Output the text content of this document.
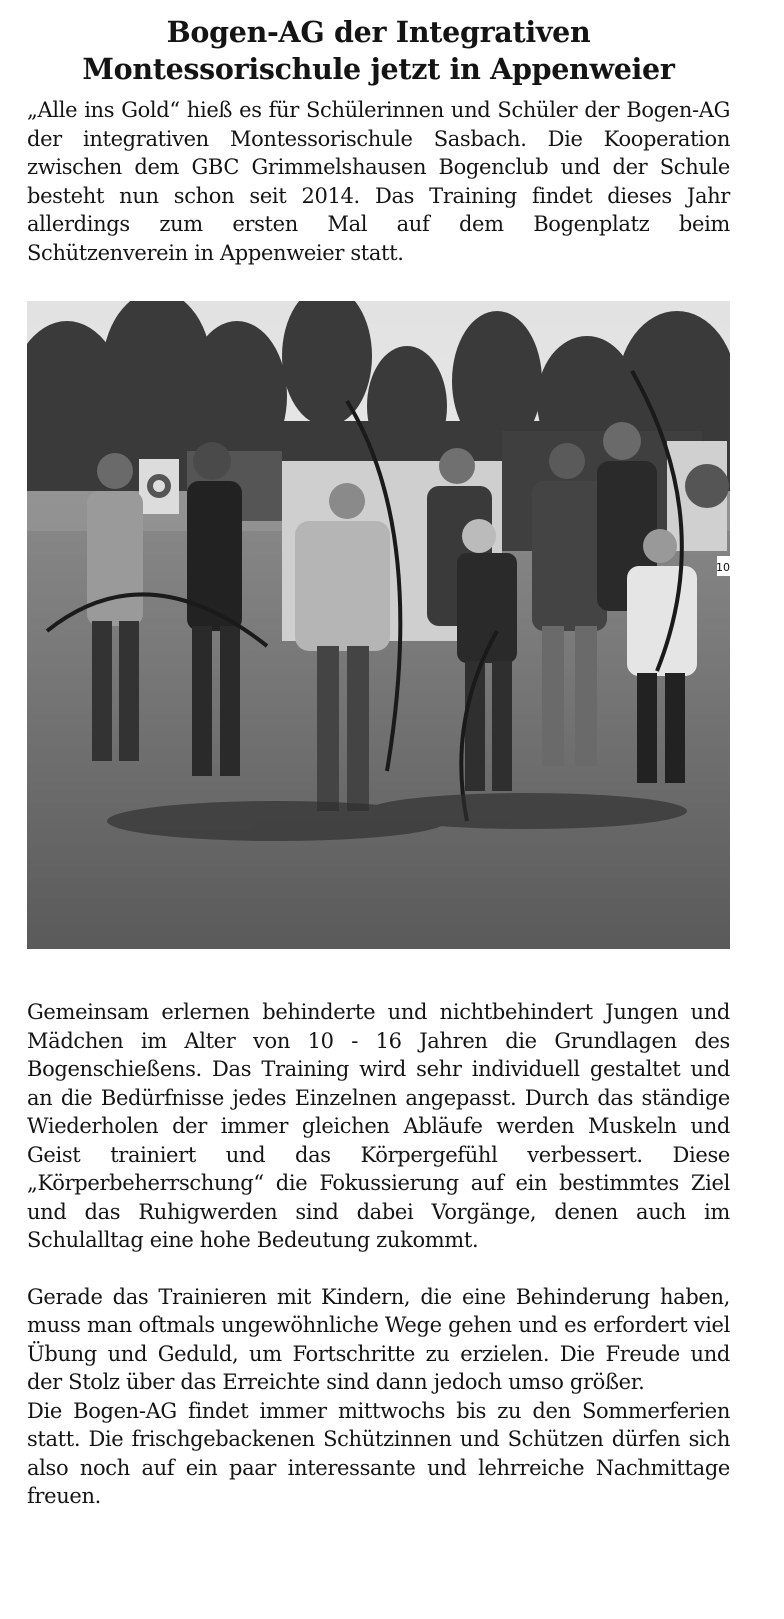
Bogen-AG der Integrativen
Montessorischule jetzt in Appenweier

„Alle ins Gold“ hieß es für Schülerinnen und Schüler der Bogen-AG der integrativen Montessorischule Sasbach. Die Kooperation zwischen dem GBC Grimmelshausen Bogenclub und der Schule besteht nun schon seit 2014. Das Training findet dieses Jahr allerdings zum ersten Mal auf dem Bogenplatz beim Schützenverein in Appenweier statt.

10

Gemeinsam erlernen behinderte und nichtbehindert Jungen und Mädchen im Alter von 10 - 16 Jahren die Grundlagen des Bogenschießens. Das Training wird sehr individuell gestaltet und an die Bedürfnisse jedes Einzelnen angepasst. Durch das ständige Wiederholen der immer gleichen Abläufe werden Muskeln und Geist trainiert und das Körpergefühl verbessert. Diese „Körperbeherrschung“ die Fokussierung auf ein bestimmtes Ziel und das Ruhigwerden sind dabei Vorgänge, denen auch im Schulalltag eine hohe Bedeutung zukommt.

Gerade das Trainieren mit Kindern, die eine Behinderung haben, muss man oftmals ungewöhnliche Wege gehen und es erfordert viel Übung und Geduld, um Fortschritte zu erzielen. Die Freude und der Stolz über das Erreichte sind dann jedoch umso größer.

Die Bogen-AG findet immer mittwochs bis zu den Sommerferien statt. Die frischgebackenen Schützinnen und Schützen dürfen sich also noch auf ein paar interessante und lehrreiche Nachmittage freuen.
